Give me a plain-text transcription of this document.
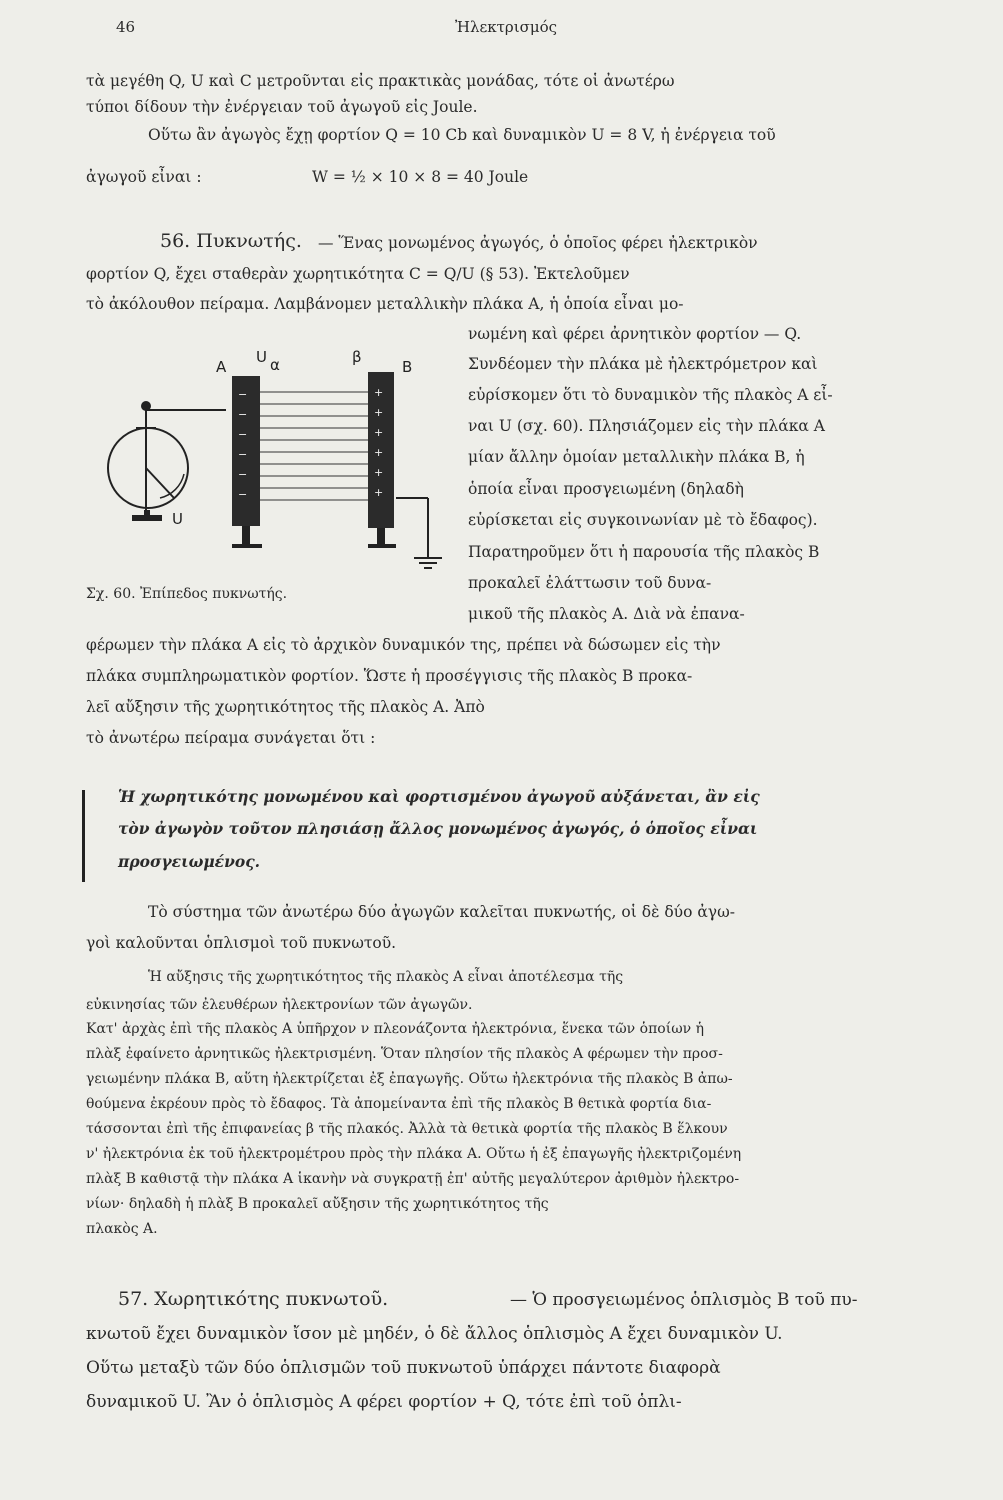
46	Ἠλεκτρισμός
τὰ μεγέθη Q, U καὶ C μετροῦνται εἰς πρακτικὰς μονάδας, τότε οἱ ἀνωτέρω
τύποι δίδουν τὴν ἐνέργειαν τοῦ ἀγωγοῦ εἰς Joule.
Οὕτω ἂν ἀγωγὸς ἔχῃ φορτίον Q = 10 Cb καὶ δυναμικὸν U = 8 V, ἡ ἐνέργεια τοῦ
ἀγωγοῦ εἶναι :	W = ½ × 10 × 8 = 40 Joule
56. Πυκνωτής. — Ἕνας μονωμένος ἀγωγός, ὁ ὁποῖος φέρει ἠλεκτρικὸν
φορτίον Q, ἔχει σταθερὰν χωρητικότητα C = Q/U (§ 53). Ἐκτελοῦμεν
τὸ ἀκόλουθον πείραμα. Λαμβάνομεν μεταλλικὴν πλάκα Α, ἡ ὁποία εἶναι μο-
νωμένη καὶ φέρει ἀρνητικὸν φορτίον — Q.
Συνδέομεν τὴν πλάκα μὲ ἠλεκτρόμετρον καὶ
εὑρίσκομεν ὅτι τὸ δυναμικὸν τῆς πλακὸς Α εἶ-
ναι U (σχ. 60). Πλησιάζομεν εἰς τὴν πλάκα Α
μίαν ἄλλην ὁμοίαν μεταλλικὴν πλάκα Β, ἡ
ὁποία εἶναι προσγειωμένη (δηλαδὴ
εὑρίσκεται εἰς συγκοινωνίαν μὲ τὸ ἔδαφος).
Παρατηροῦμεν ὅτι ἡ παρουσία τῆς πλακὸς Β
προκαλεῖ ἐλάττωσιν τοῦ δυνα-
μικοῦ τῆς πλακὸς Α. Διὰ νὰ ἐπανα-
φέρωμεν τὴν πλάκα Α εἰς τὸ ἀρχικὸν δυναμικόν της, πρέπει νὰ δώσωμεν εἰς τὴν
πλάκα συμπληρωματικὸν φορτίον. Ὥστε ἡ προσέγγισις τῆς πλακὸς Β προκα-
λεῖ αὔξησιν τῆς χωρητικότητος τῆς πλακὸς Α. Ἀπὸ
τὸ ἀνωτέρω πείραμα συνάγεται ὅτι :
−
−
−
−
−
−
+
+
+
+
+
+
A
U α	β
B
U
Σχ. 60. Ἐπίπεδος πυκνωτής.
Ἡ χωρητικότης μονωμένου καὶ φορτισμένου ἀγωγοῦ αὐξάνεται, ἂν εἰς
τὸν ἀγωγὸν τοῦτον πλησιάσῃ ἄλλος μονωμένος ἀγωγός, ὁ ὁποῖος εἶναι
προσγειωμένος.
Τὸ σύστημα τῶν ἀνωτέρω δύο ἀγωγῶν καλεῖται πυκνωτής, οἱ δὲ δύο ἀγω-
γοὶ καλοῦνται ὁπλισμοὶ τοῦ πυκνωτοῦ.
Ἡ αὔξησις τῆς χωρητικότητος τῆς πλακὸς Α εἶναι ἀποτέλεσμα τῆς
εὐκινησίας τῶν ἐλευθέρων ἠλεκτρονίων τῶν ἀγωγῶν.
Κατ' ἀρχὰς ἐπὶ τῆς πλακὸς Α ὑπῆρχον ν πλεονάζοντα ἠλεκτρόνια, ἕνεκα τῶν ὁποίων ἡ
πλὰξ ἐφαίνετο ἀρνητικῶς ἠλεκτρισμένη. Ὅταν πλησίον τῆς πλακὸς Α φέρωμεν τὴν προσ-
γειωμένην πλάκα Β, αὕτη ἠλεκτρίζεται ἐξ ἐπαγωγῆς. Οὕτω ἠλεκτρόνια τῆς πλακὸς Β ἀπω-
θούμενα ἐκρέουν πρὸς τὸ ἔδαφος. Τὰ ἀπομείναντα ἐπὶ τῆς πλακὸς Β θετικὰ φορτία δια-
τάσσονται ἐπὶ τῆς ἐπιφανείας β τῆς πλακός. Ἀλλὰ τὰ θετικὰ φορτία τῆς πλακὸς Β ἕλκουν
ν' ἠλεκτρόνια ἐκ τοῦ ἠλεκτρομέτρου πρὸς τὴν πλάκα Α. Οὕτω ἡ ἐξ ἐπαγωγῆς ἠλεκτριζομένη
πλὰξ Β καθιστᾷ τὴν πλάκα Α ἱκανὴν νὰ συγκρατῇ ἐπ' αὐτῆς μεγαλύτερον ἀριθμὸν ἠλεκτρο-
νίων· δηλαδὴ ἡ πλὰξ Β προκαλεῖ αὔξησιν τῆς χωρητικότητος τῆς
πλακὸς Α.
57. Χωρητικότης πυκνωτοῦ.	— Ὁ προσγειωμένος ὁπλισμὸς Β τοῦ πυ-
κνωτοῦ ἔχει δυναμικὸν ἴσον μὲ μηδέν, ὁ δὲ ἄλλος ὁπλισμὸς Α ἔχει δυναμικὸν U.
Οὕτω μεταξὺ τῶν δύο ὁπλισμῶν τοῦ πυκνωτοῦ ὑπάρχει πάντοτε διαφορὰ
δυναμικοῦ U. Ἂν ὁ ὁπλισμὸς Α φέρει φορτίον + Q, τότε ἐπὶ τοῦ ὁπλι-
